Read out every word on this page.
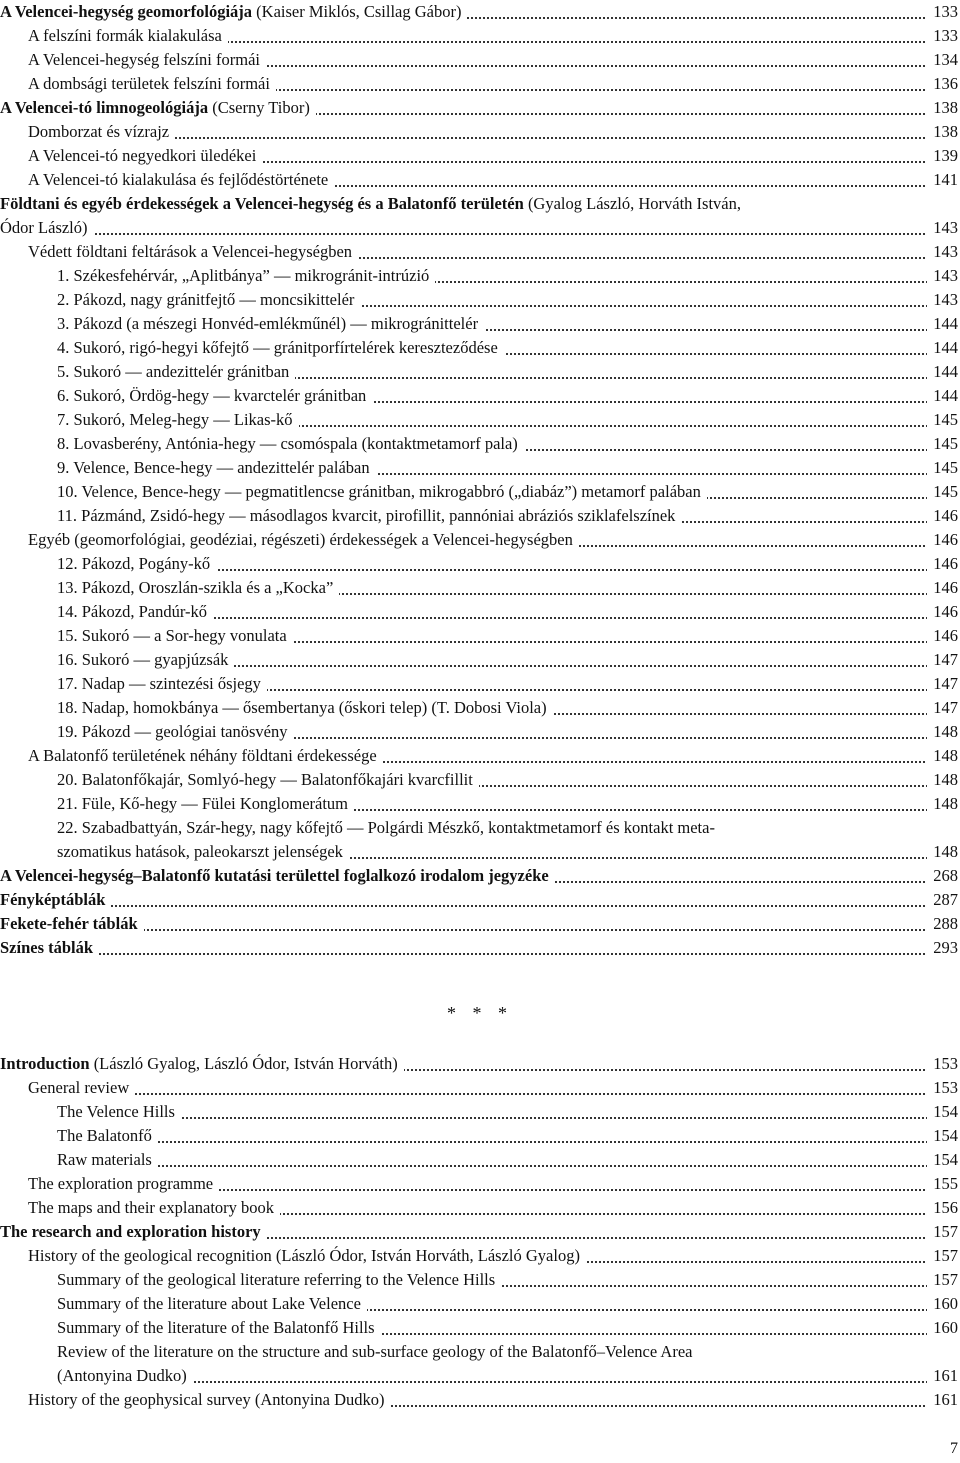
A Velencei-hegység geomorfológiája (Kaiser Miklós, Csillag Gábor)	133
A felszíni formák kialakulása	133
A Velencei-hegység felszíni formái	134
A dombsági területek felszíni formái	136
A Velencei-tó limnogeológiája (Cserny Tibor)	138
Domborzat és vízrajz	138
A Velencei-tó negyedkori üledékei	139
A Velencei-tó kialakulása és fejlődéstörténete	141
Földtani és egyéb érdekességek a Velencei-hegység és a Balatonfő területén (Gyalog László, Horváth István,
Ódor László)	143
Védett földtani feltárások a Velencei-hegységben	143
1. Székesfehérvár, „Aplitbánya” — mikrogránit-intrúzió	143
2. Pákozd, nagy gránitfejtő — moncsikittelér	143
3. Pákozd (a mészegi Honvéd-emlékműnél) — mikrogránittelér	144
4. Sukoró, rigó-hegyi kőfejtő — gránitporfírtelérek kereszteződése	144
5. Sukoró — andezittelér gránitban	144
6. Sukoró, Ördög-hegy — kvarctelér gránitban	144
7. Sukoró, Meleg-hegy — Likas-kő	145
8. Lovasberény, Antónia-hegy — csomóspala (kontaktmetamorf pala)	145
9. Velence, Bence-hegy — andezittelér palában	145
10. Velence, Bence-hegy — pegmatitlencse gránitban, mikrogabbró („diabáz”) metamorf palában	145
11. Pázmánd, Zsidó-hegy — másodlagos kvarcit, pirofillit, pannóniai abráziós sziklafelszínek	146
Egyéb (geomorfológiai, geodéziai, régészeti) érdekességek a Velencei-hegységben	146
12. Pákozd, Pogány-kő	146
13. Pákozd, Oroszlán-szikla és a „Kocka”	146
14. Pákozd, Pandúr-kő	146
15. Sukoró — a Sor-hegy vonulata	146
16. Sukoró — gyapjúzsák	147
17. Nadap — szintezési ősjegy	147
18. Nadap, homokbánya — ősembertanya (őskori telep) (T. Dobosi Viola)	147
19. Pákozd — geológiai tanösvény	148
A Balatonfő területének néhány földtani érdekessége	148
20. Balatonfőkajár, Somlyó-hegy — Balatonfőkajári kvarcfillit	148
21. Füle, Kő-hegy — Fülei Konglomerátum	148
22. Szabadbattyán, Szár-hegy, nagy kőfejtő — Polgárdi Mészkő, kontaktmetamorf és kontakt meta-
szomatikus hatások, paleokarszt jelenségek	148
A Velencei-hegység–Balatonfő kutatási területtel foglalkozó irodalom jegyzéke	268
Fényképtáblák	287
Fekete-fehér táblák	288
Színes táblák	293
* * *
Introduction (László Gyalog, László Ódor, István Horváth)	153
General review	153
The Velence Hills	154
The Balatonfő	154
Raw materials	154
The exploration programme	155
The maps and their explanatory book	156
The research and exploration history	157
History of the geological recognition (László Ódor, István Horváth, László Gyalog)	157
Summary of the geological literature referring to the Velence Hills	157
Summary of the literature about Lake Velence	160
Summary of the literature of the Balatonfő Hills	160
Review of the literature on the structure and sub-surface geology of the Balatonfő–Velence Area
(Antonyina Dudko)	161
History of the geophysical survey (Antonyina Dudko)	161
7
